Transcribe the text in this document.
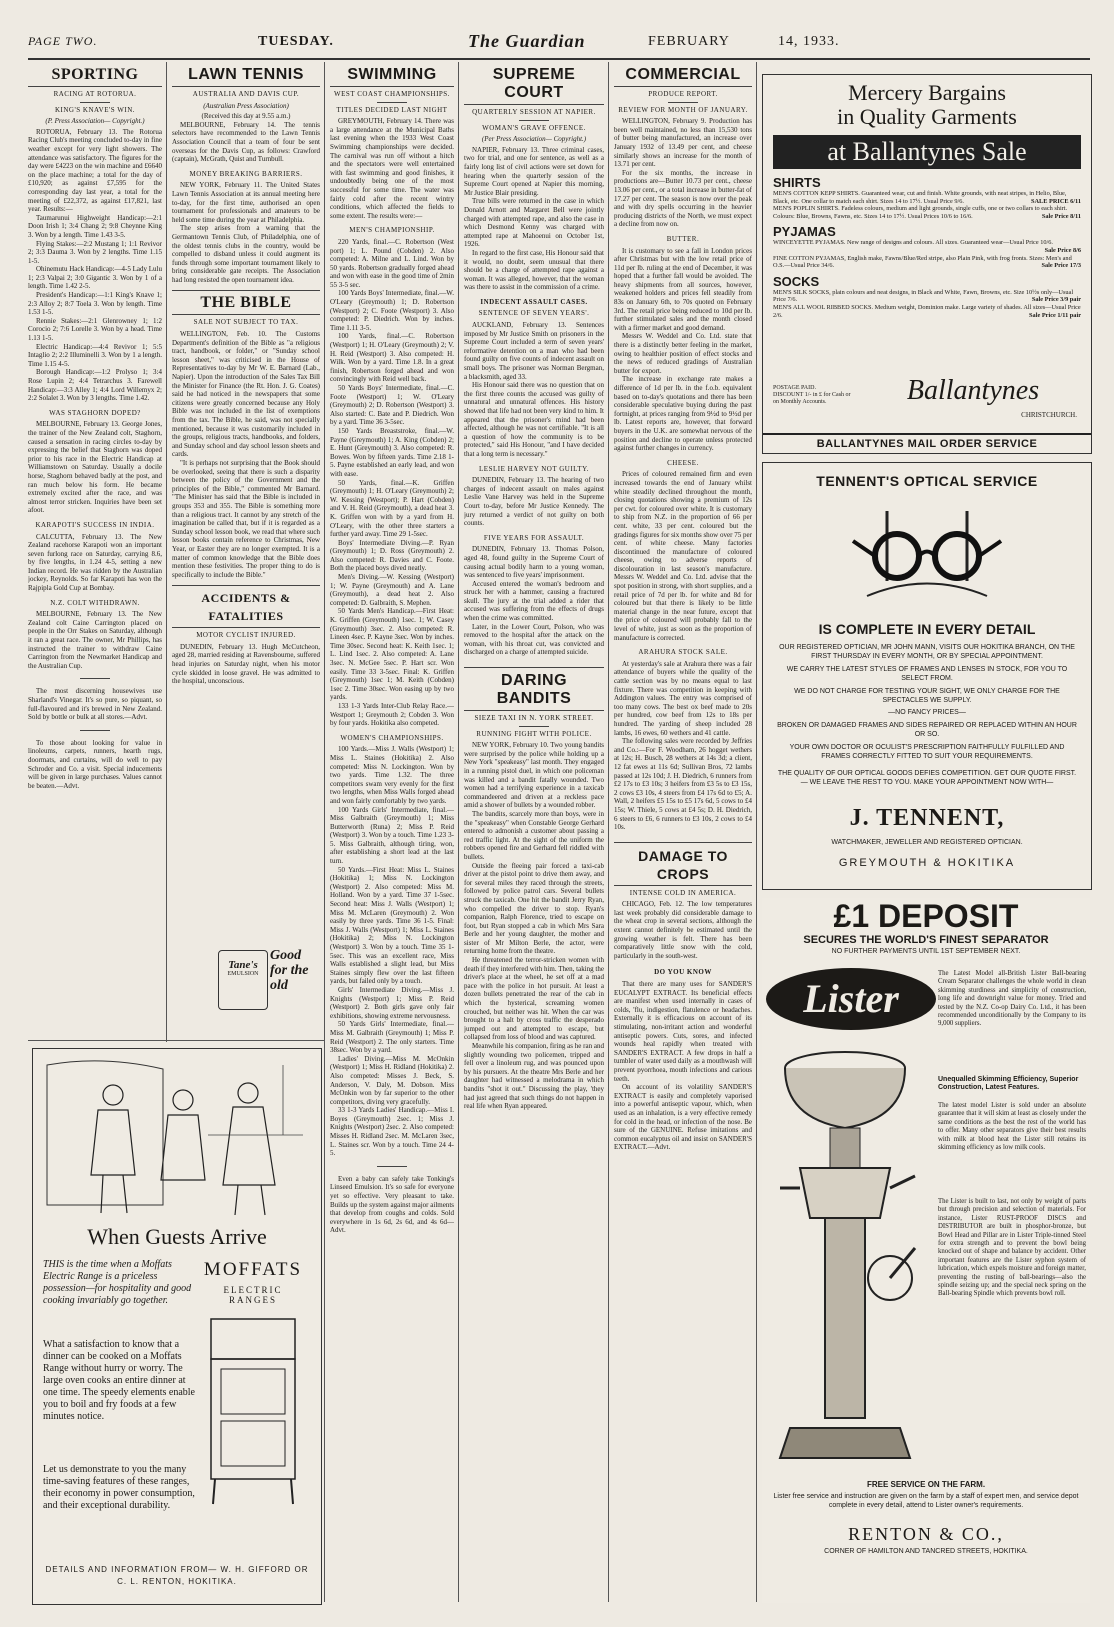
PAGE TWO.	TUESDAY.	The Guardian	FEBRUARY	14, 1933.
SPORTING
RACING AT ROTORUA.
KING'S KNAVE'S WIN.
(P. Press Association— Copyright.)

ROTORUA, February 13. The Rotorua Racing Club's meeting concluded to-day in fine weather except for very light showers. The attendance was satisfactory. The figures for the day were £4223 on the win machine and £6640 on the place machine; a total for the day of £10,920; as against £7,595 for the corresponding day last year, a total for the meeting of £22,372, as against £17,821, last year. Results:—

Taumarunui Highweight Handicap:—2:1 Doon Irish 1; 3:4 Chang 2; 9:8 Cheynne King 3. Won by a length. Time 1.43 3-5.

Flying Stakes:—2:2 Mustang 1; 1:1 Revivor 2; 3:3 Dauma 3. Won by 2 lengths. Time 1.15 1-5.

Ohinemutu Hack Handicap:—4-5 Lady Lulu 1; 2:3 Valpai 2; 3:0 Gigantic 3. Won by 1 of a length. Time 1.42 2-5.

President's Handicap:—1:1 King's Knave 1; 2:3 Alloy 2; 8:7 Toela 3. Won by length. Time 1.53 1-5.

Rennie Stakes:—2:1 Glenrowney 1; 1:2 Corocio 2; 7:6 Lorelle 3. Won by a head. Time 1.13 1-5.

Electric Handicap:—4:4 Revivor 1; 5:5 Intaglio 2; 2:2 Illuminelli 3. Won by 1 a length. Time 1.15 4-5.

Borough Handicap:—1:2 Prolyso 1; 3:4 Rose Lupin 2; 4:4 Tetrarchus 3. Farewell Handicap:—3:3 Alley 1; 4:4 Lord Willemyx 2; 2:2 Solalet 3. Won by 3 lengths. Time 1.42.

WAS STAGHORN DOPED?

MELBOURNE, February 13. George Jones, the trainer of the New Zealand colt, Staghorn, caused a sensation in racing circles to-day by expressing the belief that Staghorn was doped prior to his race in the Electric Handicap at Williamstown on Saturday. Usually a docile horse, Staghorn behaved badly at the post, and ran much below his form. He became extremely excited after the race, and was almost terror stricken. Inquiries have been set afoot.

KARAPOTI'S SUCCESS IN INDIA.

CALCUTTA, February 13. The New Zealand racehorse Karapoti won an important seven furlong race on Saturday, carrying 8.6, by five lengths, in 1.24 4-5, setting a new Indian record. He was ridden by the Australian jockey, Reynolds. So far Karapoti has won the Rajpipla Gold Cup at Bombay.

N.Z. COLT WITHDRAWN.

MELBOURNE, February 13. The New Zealand colt Caine Carrington placed on people in the Orr Stakes on Saturday, although it ran a great race. The owner, Mr Phillips, has instructed the trainer to withdraw Caine Carrington from the Newmarket Handicap and the Australian Cup.

The most discerning housewives use Sharland's Vinegar. It's so pure, so piquant, so full-flavoured and it's brewed in New Zealand. Sold by bottle or bulk at all stores.—Advt.

To those about looking for value in linoleums, carpets, runners, hearth rugs, doormats, and curtains, will do well to pay Schroder and Co. a visit. Special inducements will be given in large purchases. Values cannot be beaten.—Advt.

LAWN TENNIS
AUSTRALIA AND DAVIS CUP.
(Australian Press Association)
(Received this day at 9.55 a.m.)

MELBOURNE, February 14. The tennis selectors have recommended to the Lawn Tennis Association Council that a team of four be sent overseas for the Davis Cup, as follows: Crawford (captain), McGrath, Quist and Turnbull.

MONEY BREAKING BARRIERS.

NEW YORK, February 11. The United States Lawn Tennis Association at its annual meeting here to-day, for the first time, authorised an open tournament for professionals and amateurs to be held some time during the year at Philadelphia.

The step arises from a warning that the Germantown Tennis Club, of Philadelphia, one of the oldest tennis clubs in the country, would be compelled to disband unless it could augment its funds through some important tournament likely to bring considerable gate receipts. The Association had long resisted the open tournament idea.

THE BIBLE
SALE NOT SUBJECT TO TAX.

WELLINGTON, Feb. 10. The Customs Department's definition of the Bible as "a religious tract, handbook, or folder," or "Sunday school lesson sheet," was criticised in the House of Representatives to-day by Mr W. E. Barnard (Lab., Napier). Upon the introduction of the Sales Tax Bill the Minister for Finance (the Rt. Hon. J. G. Coates) said he had noticed in the newspapers that some citizens were greatly concerned because any Holy Bible was not included in the list of exemptions from the tax. The Bible, he said, was not specially mentioned, because it was customarily included in the groups, religious tracts, handbooks, and folders, and Sunday school and day school lesson sheets and cards.

"It is perhaps not surprising that the Book should be overlooked, seeing that there is such a disparity between the policy of the Government and the principles of the Bible," commented Mr Barnard. "The Minister has said that the Bible is included in groups 353 and 355. The Bible is something more than a religious tract. It cannot by any stretch of the imagination be called that, but if it is regarded as a Sunday school lesson book, we read that where such lesson books contain reference to Christmas, New Year, or Easter they are no longer exempted. It is a matter of common knowledge that the Bible does mention these festivities. The proper thing to do is specifically to include the Bible."

ACCIDENTS & FATALITIES
MOTOR CYCLIST INJURED.

DUNEDIN, February 13. Hugh McCutcheon, aged 28, married residing at Ravensbourne, suffered head injuries on Saturday night, when his motor cycle skidded in loose gravel. He was admitted to the hospital, unconscious.

Tane's
EMULSION
Good
for the
old
When Guests Arrive
THIS is the time when a Moffats Electric Range is a priceless possession—for hospitality and good cooking invariably go together.
MOFFATS
ELECTRIC RANGES
What a satisfaction to know that a dinner can be cooked on a Moffats Range without hurry or worry. The large oven cooks an entire dinner at one time. The speedy elements enable you to boil and fry foods at a few minutes notice.
Let us demonstrate to you the many time-saving features of these ranges, their economy in power consumption, and their exceptional durability.
DETAILS AND INFORMATION FROM— W. H. GIFFORD OR C. L. RENTON, HOKITIKA.
SWIMMING
WEST COAST CHAMPIONSHIPS.
TITLES DECIDED LAST NIGHT

GREYMOUTH, February 14. There was a large attendance at the Municipal Baths last evening when the 1933 West Coast Swimming championships were decided. The carnival was run off without a hitch and the spectators were well entertained with fast swimming and good finishes, it undoubtedly being one of the most successful for some time. The water was fairly cold after the recent wintry conditions, which affected the fields to some extent. The results were:—

MEN'S CHAMPIONSHIP.

220 Yards, final.—C. Robertson (West port) 1; L. Pound (Cobden) 2. Also competed: A. Milne and L. Lind. Won by 50 yards. Robertson gradually forged ahead and won with ease in the good time of 2min 55 3-5 sec.

100 Yards Boys' Intermediate, final.—W. O'Leary (Greymouth) 1; D. Robertson (Westport) 2; C. Foote (Westport) 3. Also competed: P. Diedrich. Won by inches. Time 1.11 3-5.

100 Yards, final.—C. Robertson (Westport) 1; H. O'Leary (Greymouth) 2; V. H. Reid (Westport) 3. Also competed: H. Wilk. Won by a yard. Time 1.8. In a great finish, Robertson forged ahead and won convincingly with Reid well back.

50 Yards Boys' Intermediate, final.—C. Foote (Westport) 1; W. O'Leary (Greymouth) 2; D. Robertson (Westport) 3. Also started: C. Bate and P. Diedrich. Won by a yard. Time 36 3-5sec.

150 Yards Breaststroke, final.—W. Payne (Greymouth) 1; A. King (Cobden) 2; E. Hunt (Greymouth) 3. Also competed: R. Bowes. Won by fifteen yards. Time 2.18 1-5. Payne established an early lead, and won with ease.

50 Yards, final.—K. Griffen (Greymouth) 1; H. O'Leary (Greymouth) 2; W. Kessing (Westport); P. Hart (Cobden) and V. H. Reid (Greymouth), a dead heat 3. K. Griffen won with by a yard from H. O'Leary, with the other three starters a further yard away. Time 29 1-5sec.

Boys' Intermediate Diving.—P. Ryan (Greymouth) 1; D. Ross (Greymouth) 2. Also competed: R. Davies and C. Foote. Both the placed boys dived neatly.

Men's Diving.—W. Kessing (Westport) 1; W. Payne (Greymouth) and A. Lane (Greymouth), a dead heat 2. Also competed: D. Galbraith, S. Mephen.

50 Yards Men's Handicap.—First Heat: K. Griffen (Greymouth) 1sec. 1; W. Casey (Greymouth) 3sec. 2. Also competed: R. Lineen 4sec. P. Kayne 3sec. Won by inches. Time 30sec. Second heat: K. Keith 1sec. 1; L. Lind 1sec. 2. Also competed: A. Lane 3sec. N. McGee 5sec. P. Hart scr. Won easily. Time 33 3-5sec. Final: K. Griffen (Greymouth) 1sec 1; M. Keith (Cobden) 1sec 2. Time 30sec. Won easing up by two yards.

133 1-3 Yards Inter-Club Relay Race.—Westport 1; Greymouth 2; Cobden 3. Won by four yards. Hokitika also competed.

WOMEN'S CHAMPIONSHIPS.

100 Yards.—Miss J. Walls (Westport) 1; Miss L. Staines (Hokitika) 2. Also competed: Miss N. Lockington. Won by two yards. Time 1.32. The three competitors swam very evenly for the first two lengths, when Miss Walls forged ahead and won fairly comfortably by two yards.

100 Yards Girls' Intermediate, final.—Miss Galbraith (Greymouth) 1; Miss Butterworth (Runa) 2; Miss P. Reid (Westport) 3. Won by a touch. Time 1.23 3-5. Miss Galbraith, although tiring, won, after establishing a short lead at the last turn.

50 Yards.—First Heat: Miss L. Staines (Hokitika) 1; Miss N. Lockington (Westport) 2. Also competed: Miss M. Holland. Won by a yard. Time 37 1-5sec. Second heat: Miss J. Walls (Westport) 1; Miss M. McLaren (Greymouth) 2. Won easily by three yards. Time 36 1-5. Final: Miss J. Walls (Westport) 1; Miss L. Staines (Hokitika) 2; Miss N. Lockington (Westport) 3. Won by a touch. Time 35 1-5sec. This was an excellent race, Miss Walls established a slight lead, but Miss Staines simply flew over the last fifteen yards, but failed only by a touch.

Girls' Intermediate Diving.—Miss J. Knights (Westport) 1; Miss P. Reid (Westport) 2. Both girls gave only fair exhibitions, showing extreme nervousness.

50 Yards Girls' Intermediate, final.—Miss M. Galbraith (Greymouth) 1; Miss P. Reid (Westport) 2. The only starters. Time 38sec. Won by a yard.

Ladies' Diving.—Miss M. McOnkin (Westport) 1; Miss H. Ridland (Hokitika) 2. Also competed: Misses J. Beck, S. Anderson, V. Daly, M. Dobson. Miss McOnkin won by far superior to the other competitors, diving very gracefully.

33 1-3 Yards Ladies' Handicap.—Miss I. Boyes (Greymouth) 2sec. 1; Miss J. Knights (Westport) 2sec. 2. Also competed: Misses H. Ridland 2sec. M. McLaren 3sec, L. Staines scr. Won by a touch. Time 24 4-5.

Even a baby can safely take Tonking's Linseed Emulsion. It's so safe for everyone yet so effective. Very pleasant to take. Builds up the system against major ailments that develop from coughs and colds. Sold everywhere in 1s 6d, 2s 6d, and 4s 6d—Advt.

SUPREME COURT
QUARTERLY SESSION AT NAPIER.
WOMAN'S GRAVE OFFENCE.
(Per Press Association— Copyright.)

NAPIER, February 13. Three criminal cases, two for trial, and one for sentence, as well as a fairly long list of civil actions were set down for hearing when the quarterly session of the Supreme Court opened at Napier this morning, Mr Justice Blair presiding.

True bills were returned in the case in which Donald Arnott and Margaret Bell were jointly charged with attempted rape, and also the case in which Desmond Kenny was charged with attempted rape at Mahoenui on October 1st, 1926.

In regard to the first case, His Honour said that it would, no doubt, seem unusual that there should be a charge of attempted rape against a woman. It was alleged, however, that the woman was there to assist in the commission of a crime.

INDECENT ASSAULT CASES.
SENTENCE OF SEVEN YEARS'.

AUCKLAND, February 13. Sentences imposed by Mr Justice Smith on prisoners in the Supreme Court included a term of seven years' reformative detention on a man who had been found guilty on five counts of indecent assault on small boys. The prisoner was Norman Bergman, a blacksmith, aged 33.

His Honour said there was no question that on the first three counts the accused was guilty of unnatural and unnatural offences. His history showed that life had not been very kind to him. It appeared that the prisoner's mind had been affected, although he was not certifiable. "It is all a question of how the community is to be protected," said His Honour, "and I have decided that a long term is necessary."

LESLIE HARVEY NOT GUILTY.

DUNEDIN, February 13. The hearing of two charges of indecent assault on males against Leslie Vane Harvey was held in the Supreme Court to-day, before Mr Justice Kennedy. The jury returned a verdict of not guilty on both counts.

FIVE YEARS FOR ASSAULT.

DUNEDIN, February 13. Thomas Polson, aged 48, found guilty in the Supreme Court of causing actual bodily harm to a young woman, was sentenced to five years' imprisonment.

Accused entered the woman's bedroom and struck her with a hammer, causing a fractured skull. The jury at the trial added a rider that accused was suffering from the effects of drugs when the crime was committed.

Later, in the Lower Court, Polson, who was removed to the hospital after the attack on the woman, with his throat cut, was convicted and discharged on a charge of attempted suicide.

DARING BANDITS
SIEZE TAXI IN N. YORK STREET.
RUNNING FIGHT WITH POLICE.

NEW YORK, February 10. Two young bandits were surprised by the police while holding up a New York "speakeasy" last month. They engaged in a running pistol duel, in which one policeman was killed and a bandit fatally wounded. Two women had a terrifying experience in a taxicab commandeered and driven at a reckless pace amid a shower of bullets by a wounded robber.

The bandits, scarcely more than boys, were in the "speakeasy" when Constable George Gerhard entered to admonish a customer about passing a red traffic light. At the sight of the uniform the robbers opened fire and Gerhard fell riddled with bullets.

Outside the fleeing pair forced a taxi-cab driver at the pistol point to drive them away, and for several miles they raced through the streets, followed by police patrol cars. Several bullets struck the taxicab. One hit the bandit Jerry Ryan, who compelled the driver to stop. Ryan's companion, Ralph Florence, tried to escape on foot, but Ryan stopped a cab in which Mrs Sara Berle and her young daughter, the mother and sister of Mr Milton Berle, the actor, were returning home from the theatre.

He threatened the terror-stricken women with death if they interfered with him. Then, taking the driver's place at the wheel, he set off at a mad pace with the police in hot pursuit. At least a dozen bullets penetrated the rear of the cab in which the hysterical, screaming women crouched, but neither was hit. When the car was brought to a halt by cross traffic the desperado jumped out and attempted to escape, but collapsed from loss of blood and was captured.

Meanwhile his companion, firing as he ran and slightly wounding two policemen, tripped and fell over a linoleum rug, and was pounced upon by his pursuers. At the theatre Mrs Berle and her daughter had witnessed a melodrama in which bandits "shot it out." Discussing the play, 'they had just agreed that such things do not happen in real life when Ryan appeared.

COMMERCIAL
PRODUCE REPORT.
REVIEW FOR MONTH OF JANUARY.

WELLINGTON, February 9. Production has been well maintained, no less than 15,530 tons of butter being manufactured, an increase over January 1932 of 13.49 per cent, and cheese similarly shows an increase for the month of 13.71 per cent.

For the six months, the increase in productions are—Butter 10.73 per cent., cheese 13.06 per cent., or a total increase in butter-fat of 17.27 per cent. The season is now over the peak and with dry spells occurring in the heavier producing districts of the North, we must expect a decline from now on.

BUTTER.

It is customary to see a fall in London prices after Christmas but with the low retail price of 11d per lb. ruling at the end of December, it was hoped that a further fall would be avoided. The heavy shipments from all sources, however, weakened holders and prices fell steadily from 83s on January 6th, to 70s quoted on February 3rd. The retail price being reduced to 10d per lb. further stimulated sales and the month closed with a firmer market and good demand.

Messrs W. Weddel and Co. Ltd. state that there is a distinctly better feeling in the market, owing to healthier position of effect stocks and the news of reduced gradings of Australian butter for export.

The increase in exchange rate makes a difference of 1d per lb. in the f.o.b. equivalent based on to-day's quotations and there has been considerable speculative buying during the past fortnight, at prices ranging from 9½d to 9½d per lb. Latest reports are, however, that forward buyers in the U.K. are somewhat nervous of the position and decline to operate unless protected against further changes in currency.

CHEESE.

Prices of coloured remained firm and even increased towards the end of January whilst white steadily declined throughout the month, closing quotations showing a premium of 12s per cwt. for coloured over white. It is customary to ship from N.Z. in the proportion of 66 per cent. white, 33 per cent. coloured but the gradings figures for six months show over 75 per cent. of white cheese. Many factories discontinued the manufacture of coloured cheese, owing to adverse reports of discolouration in last season's manufacture. Messrs W. Weddel and Co. Ltd. advise that the spot position in strong, with short supplies, and a retail price of 7d per lb. for white and 8d for coloured but that there is likely to be little material change in the near future, except that the price of coloured will probably fall to the level of white, just as soon as the proportion of manufacture is corrected.

ARAHURA STOCK SALE.

At yesterday's sale at Arahura there was a fair attendance of buyers while the quality of the cattle section was by no means equal to last fixture. There was competition in keeping with Addington values. The entry was comprised of too many cows. The best ox beef made to 20s per hundred, cow beef from 12s to 18s per hundred. The yarding of sheep included 28 lambs, 16 ewes, 60 wethers and 41 cattle.

The following sales were recorded by Jeffries and Co.:—For F. Woodham, 26 hogget wethers at 12s; H. Busch, 28 wethers at 14s 3d; a client, 12 fat ewes at 11s 6d; Sullivan Bros, 72 lambs passed at 12s 10d; J. H. Diedrich, 6 runners from £2 17s to £3 10s; 3 heifers from £3 5s to £3 15s, 2 cows £3 10s, 4 steers from £4 17s 6d to £5; A. Wall, 2 heifers £5 15s to £5 17s 6d, 5 cows to £4 15s; W. Thiele, 5 cows at £4 5s; D. H. Diedrich, 6 steers to £6, 6 runners to £3 10s, 2 cows to £4 10s.

DAMAGE TO CROPS
INTENSE COLD IN AMERICA.

CHICAGO, Feb. 12. The low temperatures last week probably did considerable damage to the wheat crop in several sections, although the extent cannot definitely be estimated until the growing weather is felt. There has been comparatively little snow with the cold, particularly in the south-west.

DO YOU KNOW

That there are many uses for SANDER'S EUCALYPT EXTRACT. Its beneficial effects are manifest when used internally in cases of colds, 'flu, indigestion, flatulence or headaches. Externally it is efficacious on account of its stimulating, non-irritant action and wonderful antiseptic powers. Cuts, sores, and infected wounds heal rapidly when treated with SANDER'S EXTRACT. A few drops in half a tumbler of water used daily as a mouthwash will prevent pyorrhoea, mouth infections and carious teeth.

On account of its volatility SANDER'S EXTRACT is easily and completely vaporised into a powerful antiseptic vapour, which, when used as an inhalation, is a very effective remedy for cold in the head, or infection of the nose. Be sure of the GENUINE. Refuse imitations and common eucalyptus oil and insist on SANDER'S EXTRACT.—Advt.

Mercery Bargains
in Quality Garments
at Ballantynes Sale
SHIRTS
MEN'S COTTON KEPP SHIRTS. Guaranteed wear, cut and finish. White grounds, with neat stripes, in Helio, Blue, Black, etc. One collar to match each shirt. Sizes 14 to 17½. Usual Price 9/6.	SALE PRICE 6/11
MEN'S POPLIN SHIRTS. Fadeless colours, medium and light grounds, single cuffs, one or two collars to each shirt. Colours: Blue, Browns, Fawns, etc. Sizes 14 to 17½. Usual Prices 10/6 to 16/6.	Sale Price 8/11
PYJAMAS
WINCEYETTE PYJAMAS. New range of designs and colours. All sizes. Guaranteed wear—Usual Price 10/6.
Sale Price 8/6
FINE COTTON PYJAMAS, English make, Fawns/Blue/Red stripe, also Plain Pink, with frog fronts. Sizes: Men's and O.S.—Usual Price 34/6.	Sale Price 17/3
SOCKS
MEN'S SILK SOCKS, plain colours and neat designs, in Black and White, Fawn, Browns, etc. Size 10½s only—Usual Price 7/6.	Sale Price 3/9 pair
MEN'S ALL WOOL RIBBED SOCKS. Medium weight, Dominion make. Large variety of shades. All sizes—Usual Price 2/6.	Sale Price 1/11 pair
POSTAGE PAID.
DISCOUNT 1/- in £ for Cash or on Monthly Accounts.	Ballantynes
CHRISTCHURCH.
BALLANTYNES MAIL ORDER SERVICE
TENNENT'S OPTICAL SERVICE
IS COMPLETE IN EVERY DETAIL
OUR REGISTERED OPTICIAN, MR JOHN MANN, VISITS OUR HOKITIKA BRANCH, ON THE FIRST THURSDAY IN EVERY MONTH, OR BY SPECIAL APPOINTMENT.
WE CARRY THE LATEST STYLES OF FRAMES AND LENSES IN STOCK, FOR YOU TO SELECT FROM.
WE DO NOT CHARGE FOR TESTING YOUR SIGHT, WE ONLY CHARGE FOR THE SPECTACLES WE SUPPLY.
—NO FANCY PRICES—
BROKEN OR DAMAGED FRAMES AND SIDES REPAIRED OR REPLACED WITHIN AN HOUR OR SO.
YOUR OWN DOCTOR OR OCULIST'S PRESCRIPTION FAITHFULLY FULFILLED AND FRAMES CORRECTLY FITTED TO SUIT YOUR REQUIREMENTS.
THE QUALITY OF OUR OPTICAL GOODS DEFIES COMPETITION. GET OUR QUOTE FIRST. — WE LEAVE THE REST TO YOU. MAKE YOUR APPOINTMENT NOW WITH—
J. TENNENT,
WATCHMAKER, JEWELLER AND REGISTERED OPTICIAN.
GREYMOUTH & HOKITIKA
£1 DEPOSIT
SECURES THE WORLD'S FINEST SEPARATOR
NO FURTHER PAYMENTS UNTIL 1ST SEPTEMBER NEXT.
Lister
The Latest Model all-British Lister Ball-bearing Cream Separator challenges the whole world in clean skimming sturdiness and simplicity of construction, long life and downright value for money. Tried and tested by the N.Z. Co-op Dairy Co. Ltd., it has been recommended unconditionally by the Company to its 9,000 suppliers.
Unequalled Skimming Efficiency, Superior Construction, Latest Features.
The latest model Lister is sold under an absolute guarantee that it will skim at least as closely under the same conditions as the best the rest of the world has to offer. Many other separators give their best results with milk at blood heat the Lister still retains its skimming efficiency as low milk cools.
The Lister is built to last, not only by weight of parts but through precision and selection of materials. For instance, Lister RUST-PROOF DISCS and DISTRIBUTOR are built in phosphor-bronze, but Bowl Head and Pillar are in Lister Triple-tinned Steel for extra strength and to prevent the bowl being knocked out of shape and balance by accident. Other important features are the Lister syphon system of lubrication, which expels moisture and foreign matter, preventing the rusting of ball-bearings—also the spindle seizing up; and the special neck spring on the Ball-bearing Spindle which prevents bowl roll.
FREE SERVICE ON THE FARM.
Lister free service and instruction are given on the farm by a staff of expert men, and service depot complete in every detail, attend to Lister owner's requirements.
RENTON & CO.,
CORNER OF HAMILTON AND TANCRED STREETS, HOKITIKA.
